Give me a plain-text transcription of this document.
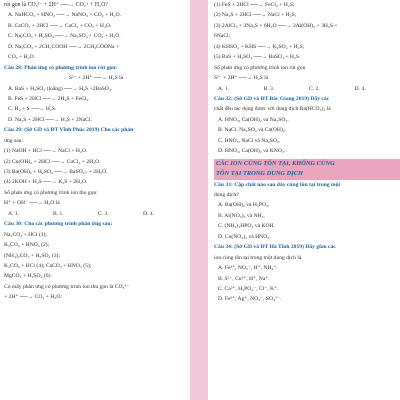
rút gọn là CO₃²⁻ + 2H⁺ ──→ CO₂↑ + H₂O?
A. NaHCO₃ + HNO₃ ──→ NaNO₃ + CO₂ + H₂O.
B. CaCO₃ + 2HCl ──→ CaCl₂ + CO₂ + H₂O.
C. Na₂CO₃ + H₂SO₄ ──→ Na₂SO₄ + CO₂ + H₂O.
D. Na₂CO₃ + 2CH₃COOH ──→ 2CH₃COONa +
CO₂ + H₂O.
Câu 28: Phản ứng có phương trình ion rút gọn:
S²⁻ + 2H⁺ ──→ H₂S là
A. BaS + H₂SO₄ (loãng) ──→ H₂S +2BaSO₄.
B. FeS + 2HCl ──→ 2H₂S + FeCl₂.
C. H₂ + S ──→ H₂S.
D. Na₂S + 2HCl ──→ H₂S + 2NaCl.
Câu 29: (Sở GD và ĐT Vĩnh Phúc 2019) Cho các phản
ứng sau:
(1) NaOH + HCl ──→ NaCl + H₂O.
(2) Cu(OH)₂ + 2HCl ──→ CuCl₂ + 2H₂O.
(3) Ba(OH)₂ + H₂SO₄ ──→ BaSO₄↓ + 2H₂O.
(4) 2KOH + H₂S ──→ K₂S + 2H₂O.
Số phản ứng có phương trình ion thu gọn:
H⁺ + OH⁻ ──→ H₂O là
A. 1.	B. 1.	C. 3.	D. 4.
Câu 30: Cho các phương trình phản ứng sau:
Na₂CO₃ + HCl (1);
K₂CO₃ + HNO₃ (2);
(NH₄)₂CO₃ + H₂SO₄ (3);
K₂CO₃ + HCl (4); CaCO₃ + HNO₃ (5);
MgCO₃ + H₂SO₄ (6).
Có mấy phản ứng có phương trình ion thu gọn là CO₃²⁻
+ 2H⁺ ──→ CO₂ + H₂O:
(1) FeS + 2HCl ──→ FeCl₂ + H₂S;
(2) Na₂S + 2HCl ──→ NaCl + H₂S;
(3) 2AlCl₃ + 3Na₂S + 6H₂O ──→ 2Al(OH)₃ + 3H₂S +
6NaCl;
(4) KHSO₄ + KHS ──→ K₂SO₄ + H₂S;
(5) BaS + H₂SO₄ ──→ BaSO₄ + H₂S.
Số phản ứng có phương trình ion rút gọn
S²⁻ + 2H⁺ ──→ H₂S là
A. 1.	B. 3.	C. 2.	D. 4.
Câu 32: (Sở GD và ĐT Bắc Giang 2019) Dãy các
chất đều tác dụng được với dung dịch Ba(HCO₃)₂ là
A. HNO₃, Ca(OH)₂ và Na₂SO₄.
B. NaCl, Na₂SO₄ và Ca(OH)₂.
C. HNO₃, NaCl và Na₂SO₄.
D. HNO₃, Ca(OH)₂ và KNO₃.
CÁC ION CÙNG TỒN TẠI, KHÔNG CÙNG
TỒN TẠI TRONG DUNG DỊCH
Câu 33: Cặp chất nào sau đây cùng tồn tại trong một
dung dịch?
A. Ba(OH)₂ và H₃PO₄.
B. Al(NO₃)₃ và NH₃.
C. (NH₄)₂HPO₄ và KOH.
D. Cu(NO₃)₂ và HNO₃.
Câu 34: (Sở GD và ĐT Hà Tĩnh 2019) Dãy gồm các
ion cùng tồn tại trong một dung dịch là
A. Fe²⁺, NO₃⁻, H⁺, NH₄⁺.
B. S²⁻, Cu²⁺, H⁺, Na⁺.
C. Ca²⁺, H₂PO₄⁻, Cl⁻, K⁺.
D. Fe²⁺, Ag⁺, NO₃⁻, SO₄²⁻.
